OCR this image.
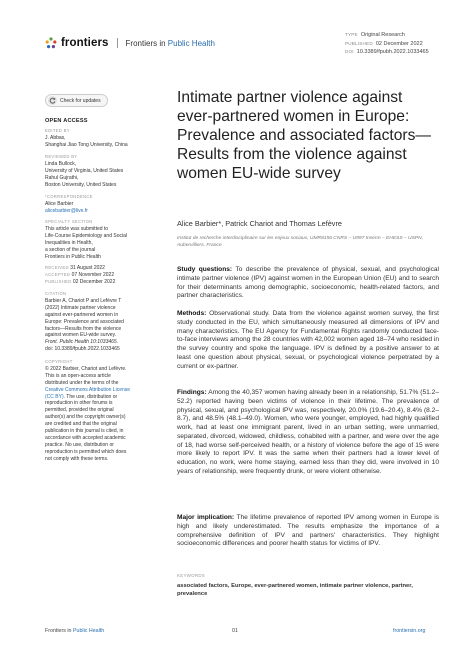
frontiers Frontiers in Public Health
TYPE Original Research
PUBLISHED 02 December 2022
DOI 10.3389/fpubh.2022.1033465
Check for updates
OPEN ACCESS
EDITED BY
J. Abbas,
Shanghai Jiao Tong University, China
REVIEWED BY
Linda Bullock,
University of Virginia, United States
Rahul Gujrathi,
Boston University, United States
*CORRESPONDENCE
Alice Barbier
alicebarbier@live.fr
SPECIALTY SECTION
This article was submitted to
Life-Course Epidemiology and Social
Inequalities in Health,
a section of the journal
Frontiers in Public Health
RECEIVED 31 August 2022
ACCEPTED 07 November 2022
PUBLISHED 02 December 2022
CITATION
Barbier A, Chariot P and Lefèvre T
(2022) Intimate partner violence
against ever-partnered women in
Europe: Prevalence and associated
factors—Results from the violence
against women EU-wide survey.
Front. Public Health 10:1033465.
doi: 10.3389/fpubh.2022.1033465
COPYRIGHT
© 2022 Barbier, Chariot and Lefèvre.
This is an open-access article
distributed under the terms of the
Creative Commons Attribution License
(CC BY). The use, distribution or
reproduction in other forums is
permitted, provided the original
author(s) and the copyright owner(s)
are credited and that the original
publication in this journal is cited, in
accordance with accepted academic
practice. No use, distribution or
reproduction is permitted which does
not comply with these terms.
Intimate partner violence against ever-partnered women in Europe: Prevalence and associated factors—Results from the violence against women EU-wide survey
Alice Barbier*, Patrick Chariot and Thomas Lefèvre
Institut de recherche interdisciplinaire sur les enjeux sociaux, UMR8156 CNRS – U997 Inserm – EHESS – USPN, Aubervilliers, France
Study questions: To describe the prevalence of physical, sexual, and psychological intimate partner violence (IPV) against women in the European Union (EU) and to search for their determinants among demographic, socioeconomic, health-related factors, and partner characteristics.
Methods: Observational study. Data from the violence against women survey, the first study conducted in the EU, which simultaneously measured all dimensions of IPV and many characteristics. The EU Agency for Fundamental Rights randomly conducted face-to-face interviews among the 28 countries with 42,002 women aged 18–74 who resided in the survey country and spoke the language. IPV is defined by a positive answer to at least one question about physical, sexual, or psychological violence perpetrated by a current or ex-partner.
Findings: Among the 40,357 women having already been in a relationship, 51.7% (51.2–52.2) reported having been victims of violence in their lifetime. The prevalence of physical, sexual, and psychological IPV was, respectively, 20.0% (19.6–20.4), 8.4% (8.2–8.7), and 48.5% (48.1–49.0). Women, who were younger, employed, had highly qualified work, had at least one immigrant parent, lived in an urban setting, were unmarried, separated, divorced, widowed, childless, cohabited with a partner, and were over the age of 18, had worse self-perceived health, or a history of violence before the age of 15 were more likely to report IPV. It was the same when their partners had a lower level of education, no work, were home staying, earned less than they did, were involved in 10 years of relationship, were frequently drunk, or were violent otherwise.
Major implication: The lifetime prevalence of reported IPV among women in Europe is high and likely underestimated. The results emphasize the importance of a comprehensive definition of IPV and partners' characteristics. They highlight socioeconomic differences and poorer health status for victims of IPV.
KEYWORDS
associated factors, Europe, ever-partnered women, intimate partner violence, partner, prevalence
Frontiers in Public Health	01	frontiersin.org
